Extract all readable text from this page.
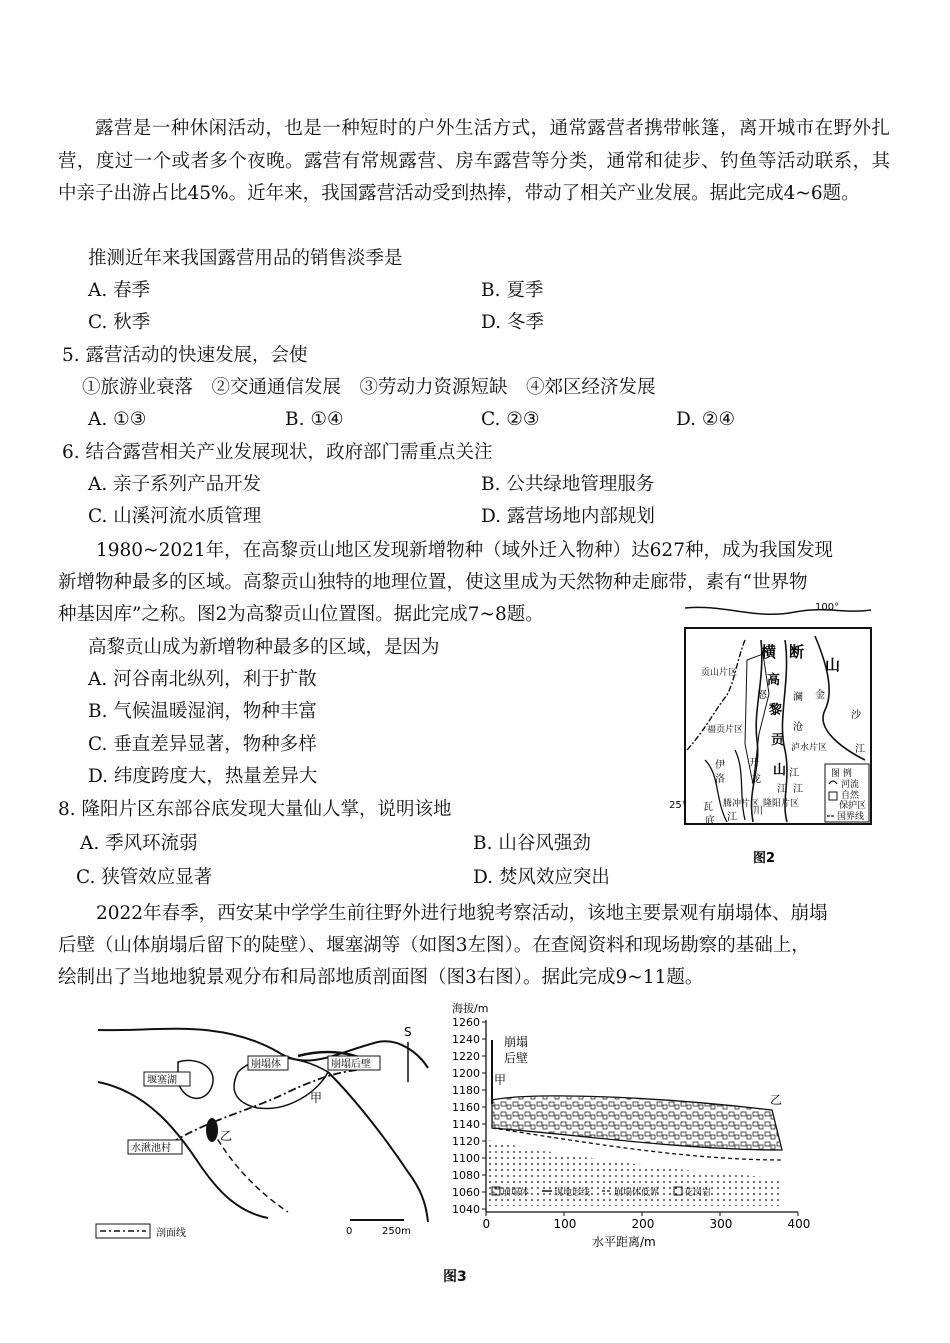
露营是一种休闲活动，也是一种短时的户外生活方式，通常露营者携带帐篷，离开城市在野外扎营，度过一个或者多个夜晚。露营有常规露营、房车露营等分类，通常和徒步、钓鱼等活动联系，其中亲子出游占比45%。近年来，我国露营活动受到热捧，带动了相关产业发展。据此完成4~6题。
推测近年来我国露营用品的销售淡季是
A. 春季	B. 夏季
C. 秋季	D. 冬季
5. 露营活动的快速发展，会使
①旅游业衰落　②交通通信发展　③劳动力资源短缺　④郊区经济发展
A. ①③	B. ①④	C. ②③	D. ②④
6. 结合露营相关产业发展现状，政府部门需重点关注
A. 亲子系列产品开发	B. 公共绿地管理服务
C. 山溪河流水质管理	D. 露营场地内部规划
1980~2021年，在高黎贡山地区发现新增物种（域外迁入物种）达627种，成为我国发现
新增物种最多的区域。高黎贡山独特的地理位置，使这里成为天然物种走廊带，素有“世界物
种基因库”之称。图2为高黎贡山位置图。据此完成7~8题。
高黎贡山成为新增物种最多的区域，是因为
A. 河谷南北纵列，利于扩散
B. 气候温暖湿润，物种丰富
C. 垂直差异显著，物种多样
D. 纬度跨度大，热量差异大
8. 隆阳片区东部谷底发现大量仙人掌，说明该地
A. 季风环流弱	B. 山谷风强劲
C. 狭管效应显著	D. 焚风效应突出
2022年春季，西安某中学学生前往野外进行地貌考察活动，该地主要景观有崩塌体、崩塌
后壁（山体崩塌后留下的陡壁）、堰塞湖等（如图3左图）。在查阅资料和现场勘察的基础上，
绘制出了当地地貌景观分布和局部地质剖面图（图3右图）。据此完成9~11题。
100°
25°
横 断
山
高
黎
贡
山
贡山片区
福贡片区
泸水片区
腾冲片区 隆阳片区
怒	澜
沧
江
开
金
沙
江
伊
洛
瓦
底
龙
川
江
江
江
图 例
河流
自然
保护区
国界线
图2
堰塞湖
崩塌体	崩塌后壁
水湫池村
甲
乙
S
0	250m
剖面线
海拔/m
1260
1240
1220
1200
1180
1160
1140
1120
1100
1080
1060
1040
0	100	200	300	400
水平距离/m
崩塌
后壁
甲
乙
崩塌体	现地形线	崩塌体低界	花岗岩
图3
